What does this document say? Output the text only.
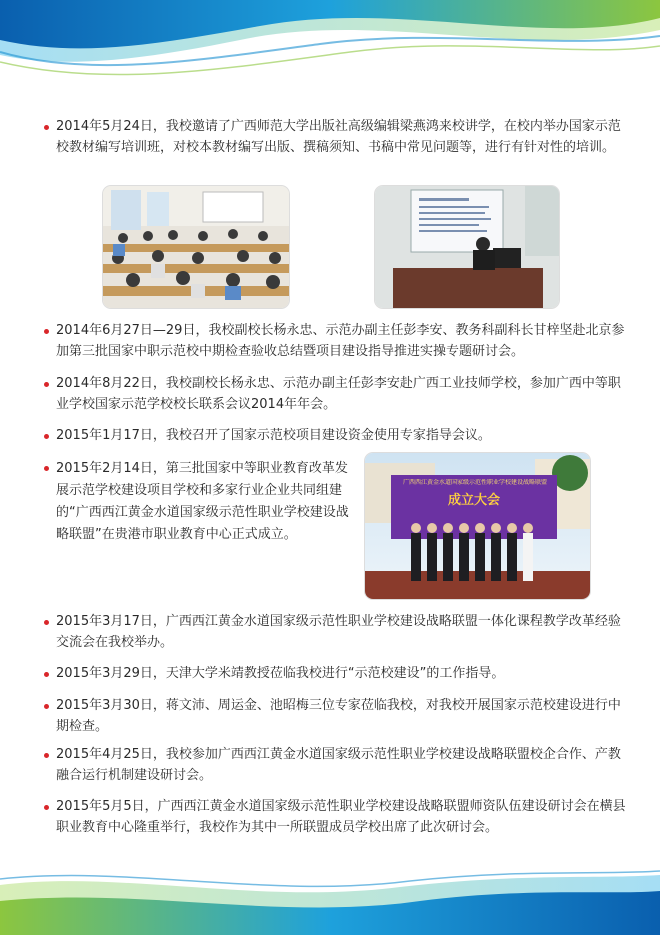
2014年5月24日，我校邀请了广西师范大学出版社高级编辑梁燕鸿来校讲学，在校内举办国家示范校教材编写培训班，对校本教材编写出版、撰稿须知、书稿中常见问题等，进行有针对性的培训。
2014年6月27日—29日，我校副校长杨永忠、示范办副主任彭李安、教务科副科长甘梓坚赴北京参加第三批国家中职示范校中期检查验收总结暨项目建设指导推进实操专题研讨会。
2014年8月22日，我校副校长杨永忠、示范办副主任彭李安赴广西工业技师学校，参加广西中等职业学校国家示范学校校长联系会议2014年年会。
2015年1月17日，我校召开了国家示范校项目建设资金使用专家指导会议。
2015年2月14日，第三批国家中等职业教育改革发展示范学校建设项目学校和多家行业企业共同组建的“广西西江黄金水道国家级示范性职业学校建设战略联盟”在贵港市职业教育中心正式成立。
广西西江黄金水道国家级示范性职业学校建设战略联盟
成立大会
2015年3月17日，广西西江黄金水道国家级示范性职业学校建设战略联盟一体化课程教学改革经验交流会在我校举办。
2015年3月29日，天津大学米靖教授莅临我校进行“示范校建设”的工作指导。
2015年3月30日，蒋文沛、周运金、池昭梅三位专家莅临我校，对我校开展国家示范校建设进行中期检查。
2015年4月25日，我校参加广西西江黄金水道国家级示范性职业学校建设战略联盟校企合作、产教融合运行机制建设研讨会。
2015年5月5日，广西西江黄金水道国家级示范性职业学校建设战略联盟师资队伍建设研讨会在横县职业教育中心隆重举行，我校作为其中一所联盟成员学校出席了此次研讨会。
